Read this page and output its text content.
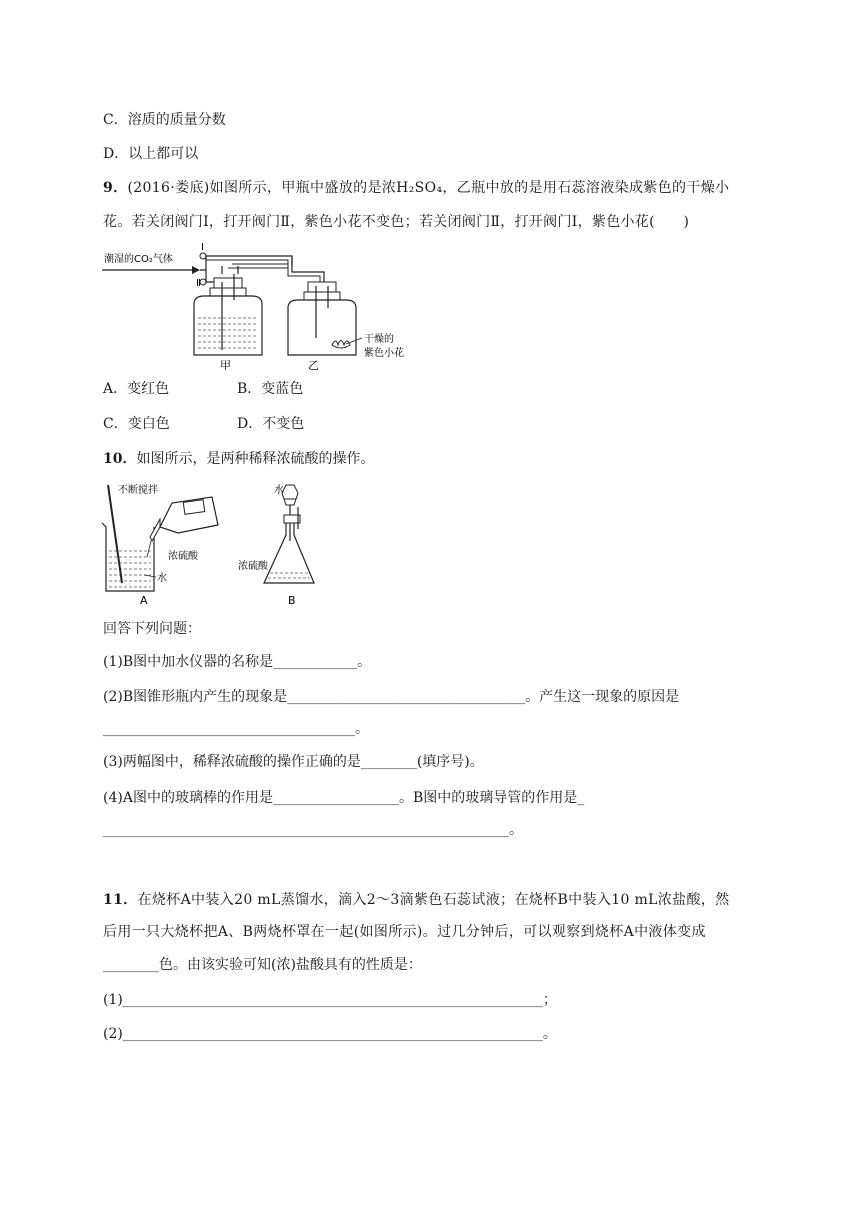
C．溶质的质量分数
D．以上都可以
9．(2016·娄底)如图所示，甲瓶中盛放的是浓H₂SO₄，乙瓶中放的是用石蕊溶液染成紫色的干燥小
花。若关闭阀门Ⅰ，打开阀门Ⅱ，紫色小花不变色；若关闭阀门Ⅱ，打开阀门Ⅰ，紫色小花(　　)
潮湿的CO₂气体
Ⅰ
Ⅱ
甲	乙
干燥的
紫色小花
A．变红色	B．变蓝色
C．变白色	D．不变色
10．如图所示，是两种稀释浓硫酸的操作。
不断搅拌
水
A
浓硫酸
水
浓硫酸
B
回答下列问题：
(1)B图中加水仪器的名称是____________。
(2)B图锥形瓶内产生的现象是__________________________________。产生这一现象的原因是
____________________________________。
(3)两幅图中，稀释浓硫酸的操作正确的是________(填序号)。
(4)A图中的玻璃棒的作用是__________________。B图中的玻璃导管的作用是_
__________________________________________________________。
11．在烧杯A中装入20 mL蒸馏水，滴入2～3滴紫色石蕊试液；在烧杯B中装入10 mL浓盐酸，然
后用一只大烧杯把A、B两烧杯罩在一起(如图所示)。过几分钟后，可以观察到烧杯A中液体变成
________色。由该实验可知(浓)盐酸具有的性质是：
(1)____________________________________________________________；
(2)____________________________________________________________。
